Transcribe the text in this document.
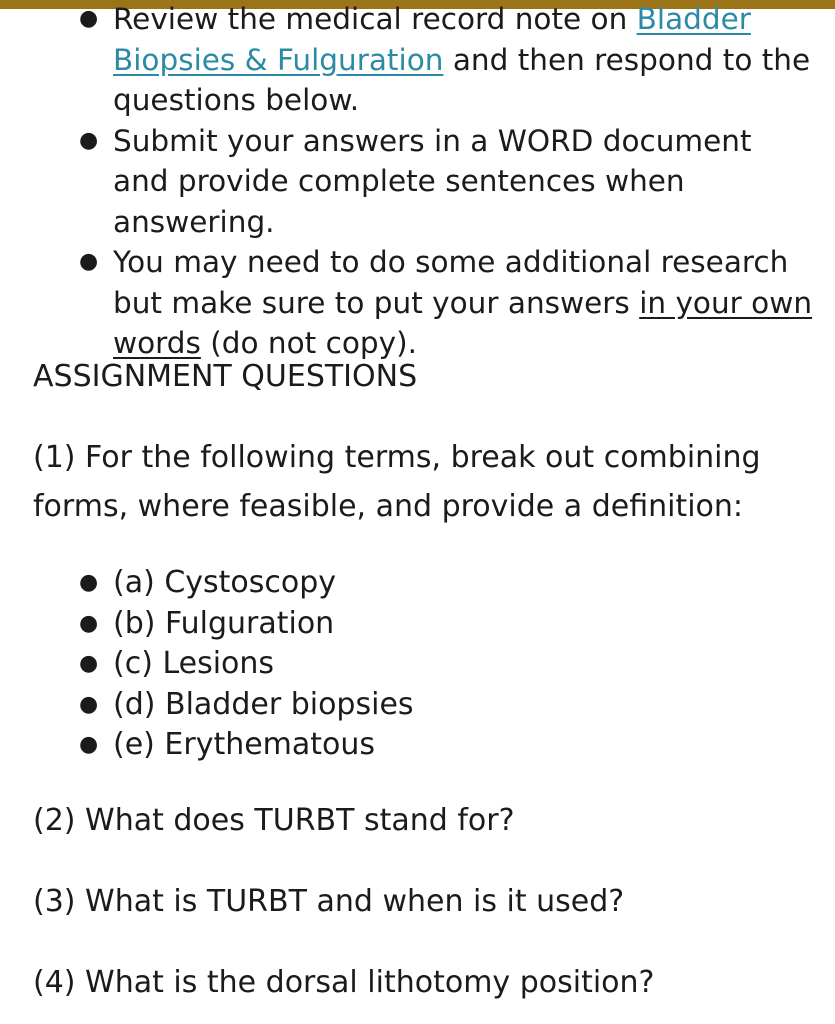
● Review the medical record note on Bladder Biopsies & Fulguration and then respond to the questions below.
● Submit your answers in a WORD document and provide complete sentences when answering.
● You may need to do some additional research but make sure to put your answers in your own words (do not copy).
ASSIGNMENT QUESTIONS

(1) For the following terms, break out combining forms, where feasible, and provide a definition:

● (a) Cystoscopy
● (b) Fulguration
● (c) Lesions
● (d) Bladder biopsies
● (e) Erythematous

(2) What does TURBT stand for?

(3) What is TURBT and when is it used?

(4) What is the dorsal lithotomy position?
